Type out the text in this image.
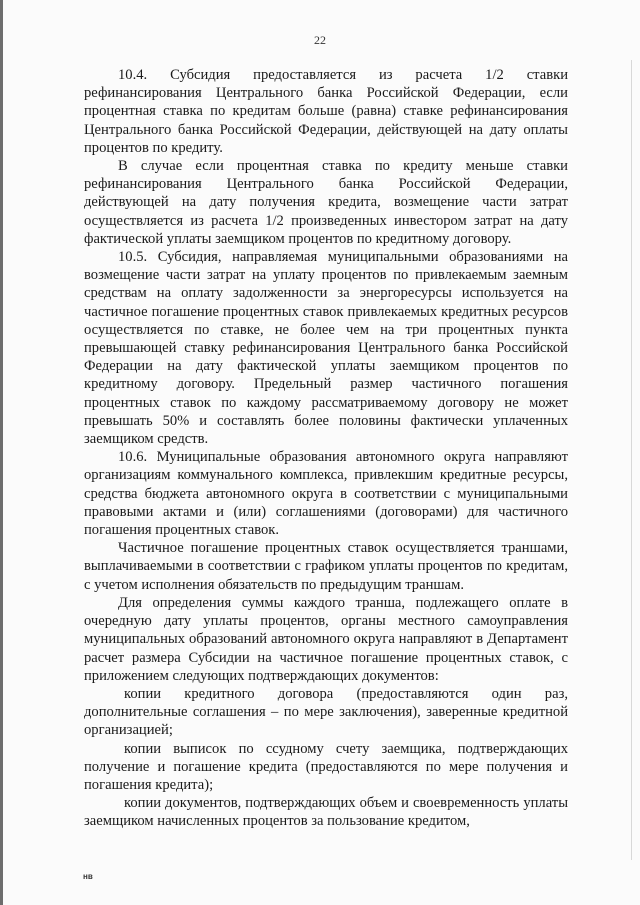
22

10.4. Субсидия предоставляется из расчета 1/2 ставки рефинансирования Центрального банка Российской Федерации, если процентная ставка по кредитам больше (равна) ставке рефинансирования Центрального банка Российской Федерации, действующей на дату оплаты процентов по кредиту.

В случае если процентная ставка по кредиту меньше ставки рефинансирования Центрального банка Российской Федерации, действующей на дату получения кредита, возмещение части затрат осуществляется из расчета 1/2 произведенных инвестором затрат на дату фактической уплаты заемщиком процентов по кредитному договору.

10.5. Субсидия, направляемая муниципальными образованиями на возмещение части затрат на уплату процентов по привлекаемым заемным средствам на оплату задолженности за энергоресурсы используется на частичное погашение процентных ставок привлекаемых кредитных ресурсов осуществляется по ставке, не более чем на три процентных пункта превышающей ставку рефинансирования Центрального банка Российской Федерации на дату фактической уплаты заемщиком процентов по кредитному договору. Предельный размер частичного погашения процентных ставок по каждому рассматриваемому договору не может превышать 50% и составлять более половины фактически уплаченных заемщиком средств.

10.6. Муниципальные образования автономного округа направляют организациям коммунального комплекса, привлекшим кредитные ресурсы, средства бюджета автономного округа в соответствии с муниципальными правовыми актами и (или) соглашениями (договорами) для частичного погашения процентных ставок.

Частичное погашение процентных ставок осуществляется траншами, выплачиваемыми в соответствии с графиком уплаты процентов по кредитам, с учетом исполнения обязательств по предыдущим траншам.

Для определения суммы каждого транша, подлежащего оплате в очередную дату уплаты процентов, органы местного самоуправления муниципальных образований автономного округа направляют в Департамент расчет размера Субсидии на частичное погашение процентных ставок, с приложением следующих подтверждающих документов:

копии кредитного договора (предоставляются один раз, дополнительные соглашения – по мере заключения), заверенные кредитной организацией;

копии выписок по ссудному счету заемщика, подтверждающих получение и погашение кредита (предоставляются по мере получения и погашения кредита);

копии документов, подтверждающих объем и своевременность уплаты заемщиком начисленных процентов за пользование кредитом,

нв
